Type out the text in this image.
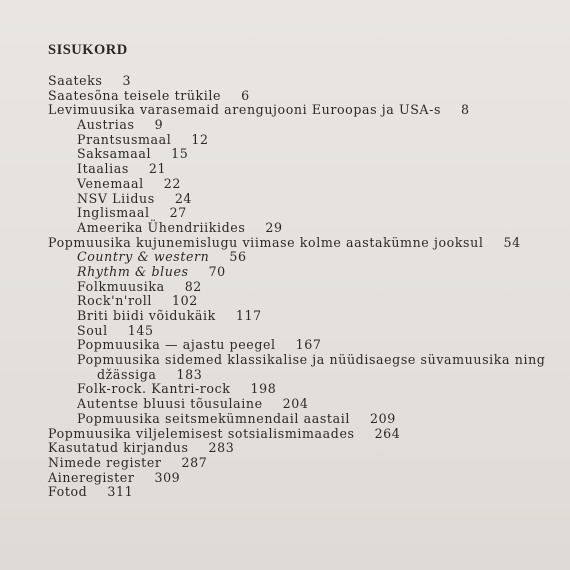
SISUKORD
Saateks 3
Saatesõna teisele trükile 6
Levimuusika varasemaid arengujooni Euroopas ja USA-s 8
Austrias 9
Prantsusmaal 12
Saksamaal 15
Itaalias 21
Venemaal 22
NSV Liidus 24
Inglismaal 27
Ameerika Ühendriikides 29
Popmuusika kujunemislugu viimase kolme aastakümne jooksul 54
Country & western 56
Rhythm & blues 70
Folkmuusika 82
Rock'n'roll 102
Briti biidi võidukäik 117
Soul 145
Popmuusika — ajastu peegel 167
Popmuusika sidemed klassikalise ja nüüdisaegse süvamuusika ning
džässiga 183
Folk-rock. Kantri-rock 198
Autentse bluusi tõusulaine 204
Popmuusika seitsmekümnendail aastail 209
Popmuusika viljelemisest sotsialismimaades 264
Kasutatud kirjandus 283
Nimede register 287
Aineregister 309
Fotod 311
